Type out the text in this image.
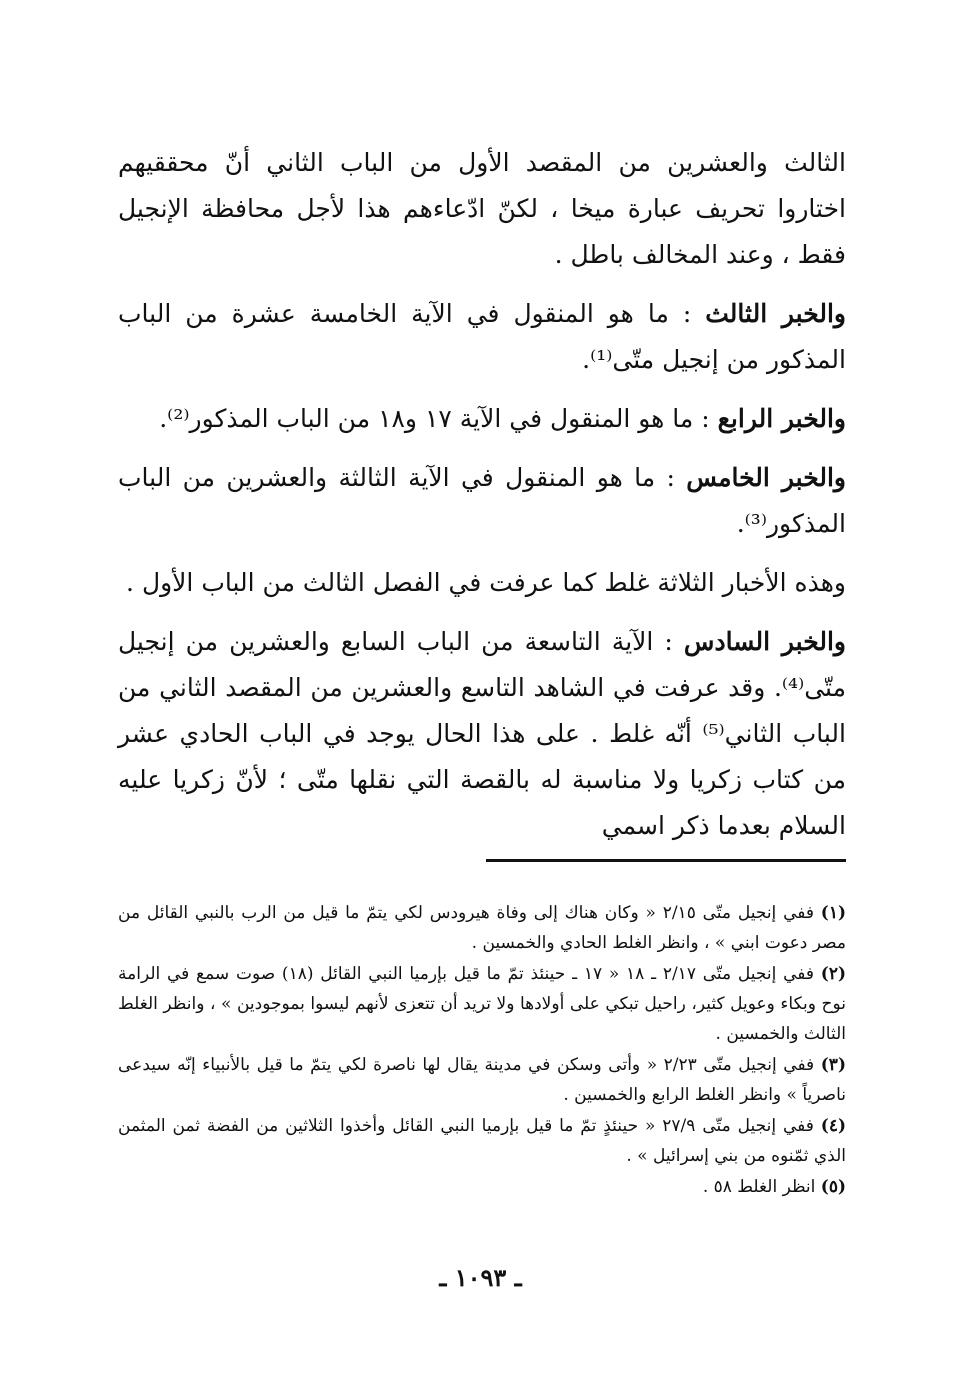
الثالث والعشرين من المقصد الأول من الباب الثاني أنّ محققيهم اختاروا تحريف عبارة ميخا ، لكنّ ادّعاءهم هذا لأجل محافظة الإنجيل فقط ، وعند المخالف باطل .

والخبر الثالث : ما هو المنقول في الآية الخامسة عشرة من الباب المذكور من إنجيل متّى⁽¹⁾.

والخبر الرابع : ما هو المنقول في الآية ١٧ و١٨ من الباب المذكور⁽²⁾.

والخبر الخامس : ما هو المنقول في الآية الثالثة والعشرين من الباب المذكور⁽³⁾.

وهذه الأخبار الثلاثة غلط كما عرفت في الفصل الثالث من الباب الأول .

والخبر السادس : الآية التاسعة من الباب السابع والعشرين من إنجيل متّى⁽⁴⁾. وقد عرفت في الشاهد التاسع والعشرين من المقصد الثاني من الباب الثاني⁽⁵⁾ أنّه غلط . على هذا الحال يوجد في الباب الحادي عشر من كتاب زكريا ولا مناسبة له بالقصة التي نقلها متّى ؛ لأنّ زكريا عليه السلام بعدما ذكر اسمي

(١) ففي إنجيل متّى ٢/١٥ « وكان هناك إلى وفاة هيرودس لكي يتمّ ما قيل من الرب بالنبي القائل من مصر دعوت ابني » ، وانظر الغلط الحادي والخمسين .

(٢) ففي إنجيل متّى ٢/١٧ ـ ١٨ « ١٧ ـ حينئذ تمّ ما قيل بإرميا النبي القائل (١٨) صوت سمع في الرامة نوح وبكاء وعويل كثير، راحيل تبكي على أولادها ولا تريد أن تتعزى لأنهم ليسوا بموجودين » ، وانظر الغلط الثالث والخمسين .

(٣) ففي إنجيل متّى ٢/٢٣ « وأتى وسكن في مدينة يقال لها ناصرة لكي يتمّ ما قيل بالأنبياء إنّه سيدعى ناصرياً » وانظر الغلط الرابع والخمسين .

(٤) ففي إنجيل متّى ٢٧/٩ « حينئذٍ تمّ ما قيل بإرميا النبي القائل وأخذوا الثلاثين من الفضة ثمن المثمن الذي ثمّنوه من بني إسرائيل » .

(٥) انظر الغلط ٥٨ .

ـ ١٠٩٣ ـ
